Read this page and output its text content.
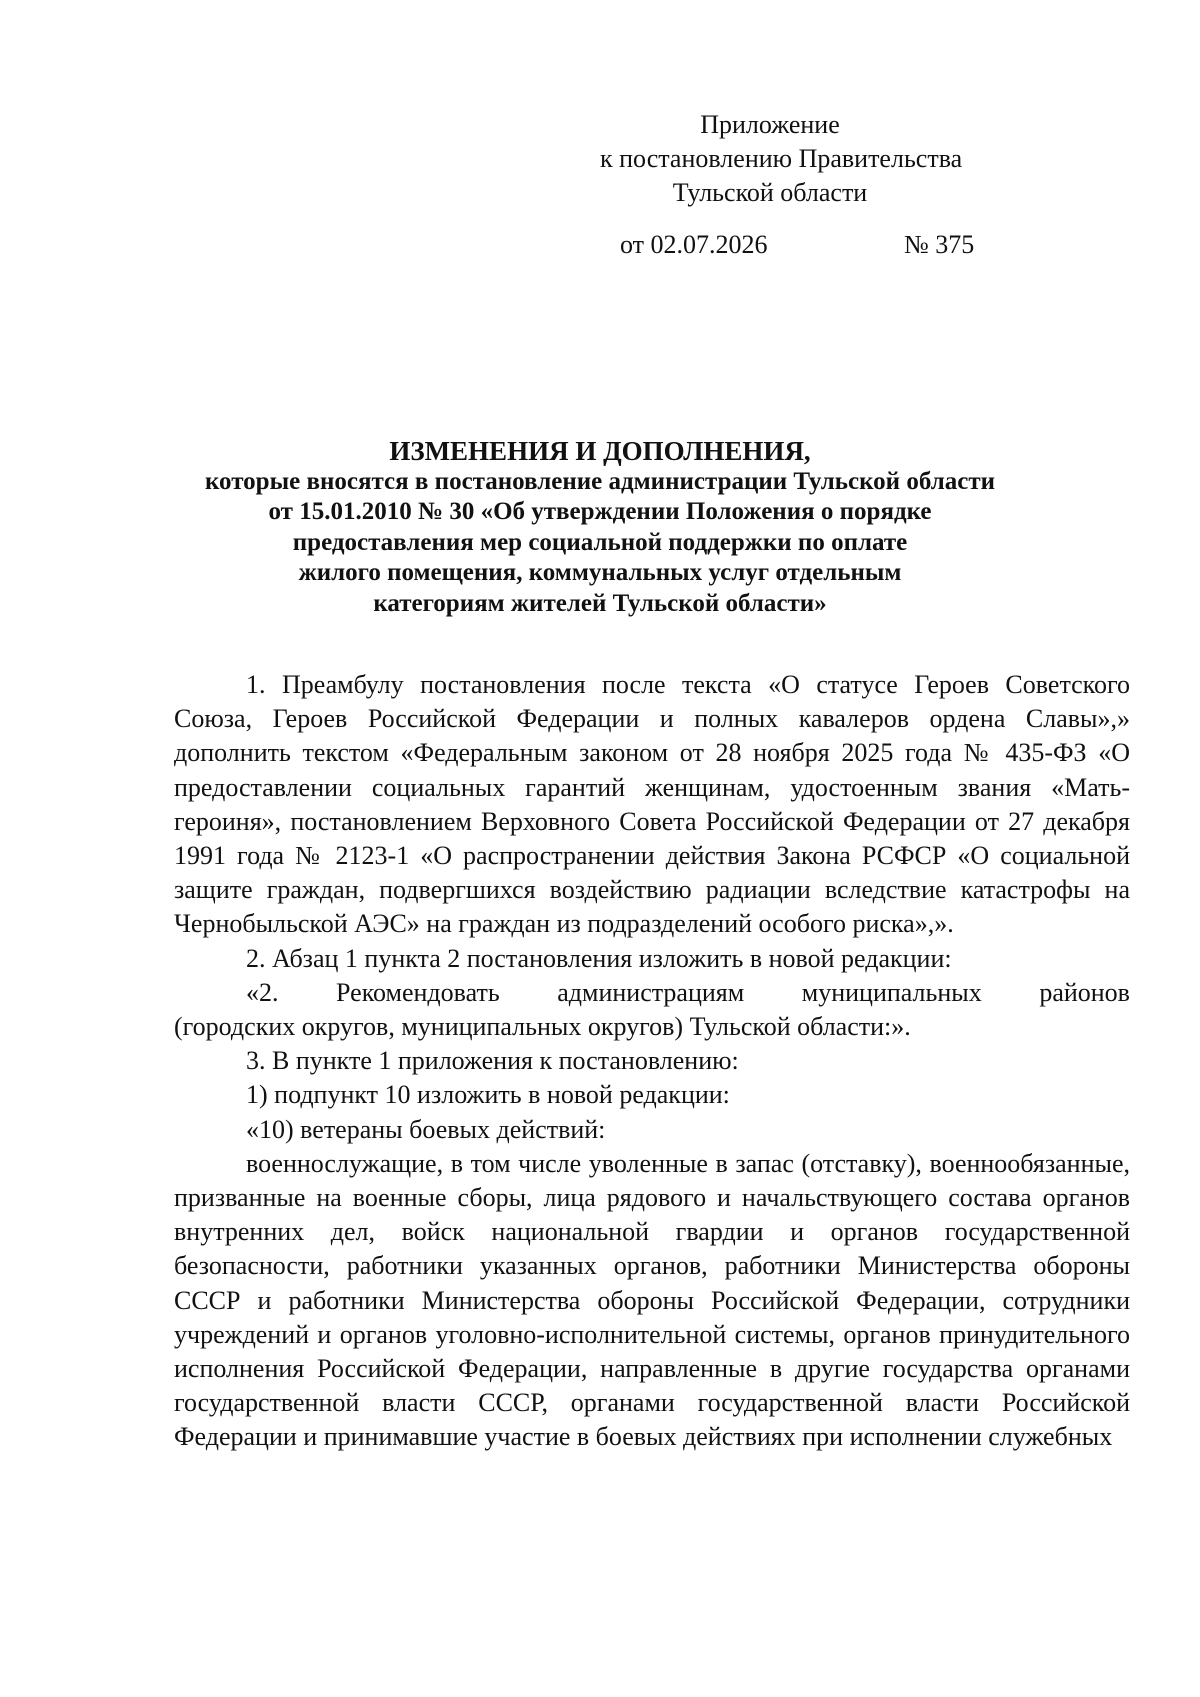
Приложение
к постановлению Правительства
Тульской области
от 02.07.2026	№ 375
ИЗМЕНЕНИЯ И ДОПОЛНЕНИЯ,
которые вносятся в постановление администрации Тульской области
от 15.01.2010 № 30 «Об утверждении Положения о порядке
предоставления мер социальной поддержки по оплате
жилого помещения, коммунальных услуг отдельным
категориям жителей Тульской области»

1. Преамбулу постановления после текста «О статусе Героев Советского Союза, Героев Российской Федерации и полных кавалеров ордена Славы»,» дополнить текстом «Федеральным законом от 28 ноября 2025 года № 435-ФЗ «О предоставлении социальных гарантий женщинам, удостоенным звания «Мать-героиня», постановлением Верховного Совета Российской Федерации от 27 декабря 1991 года № 2123-1 «О распространении действия Закона РСФСР «О социальной защите граждан, подвергшихся воздействию радиации вследствие катастрофы на Чернобыльской АЭС» на граждан из подразделений особого риска»,».

2. Абзац 1 пункта 2 постановления изложить в новой редакции:

«2. Рекомендовать администрациям муниципальных районов

(городских округов, муниципальных округов) Тульской области:».

3. В пункте 1 приложения к постановлению:

1) подпункт 10 изложить в новой редакции:

«10) ветераны боевых действий:

военнослужащие, в том числе уволенные в запас (отставку), военнообязанные, призванные на военные сборы, лица рядового и начальствующего состава органов внутренних дел, войск национальной гвардии и органов государственной безопасности, работники указанных органов, работники Министерства обороны СССР и работники Министерства обороны Российской Федерации, сотрудники учреждений и органов уголовно-исполнительной системы, органов принудительного исполнения Российской Федерации, направленные в другие государства органами государственной власти СССР, органами государственной власти Российской Федерации и принимавшие участие в боевых действиях при исполнении служебных
